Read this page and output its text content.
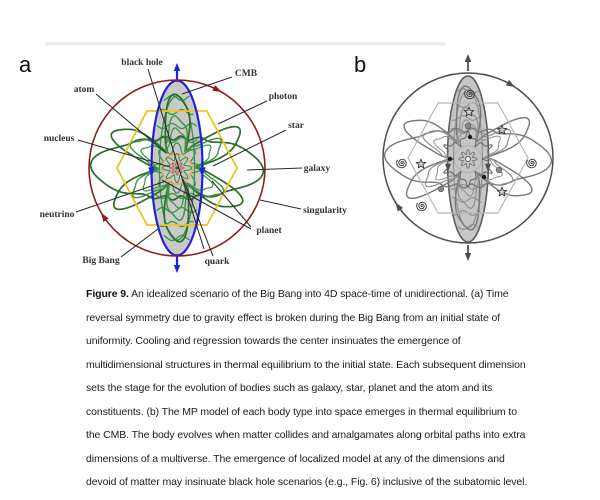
black hole
CMB
atom
photon
star
nucleus
galaxy
neutrino	singularity
planet
Big Bang	quark
a	b
Figure 9. An idealized scenario of the Big Bang into 4D space-time of unidirectional. (a) Time
reversal symmetry due to gravity effect is broken during the Big Bang from an initial state of
uniformity. Cooling and regression towards the center insinuates the emergence of
multidimensional structures in thermal equilibrium to the initial state. Each subsequent dimension
sets the stage for the evolution of bodies such as galaxy, star, planet and the atom and its
constituents. (b) The MP model of each body type into space emerges in thermal equilibrium to
the CMB. The body evolves when matter collides and amalgamates along orbital paths into extra
dimensions of a multiverse. The emergence of localized model at any of the dimensions and
devoid of matter may insinuate black hole scenarios (e.g., Fig. 6) inclusive of the subatomic level.
